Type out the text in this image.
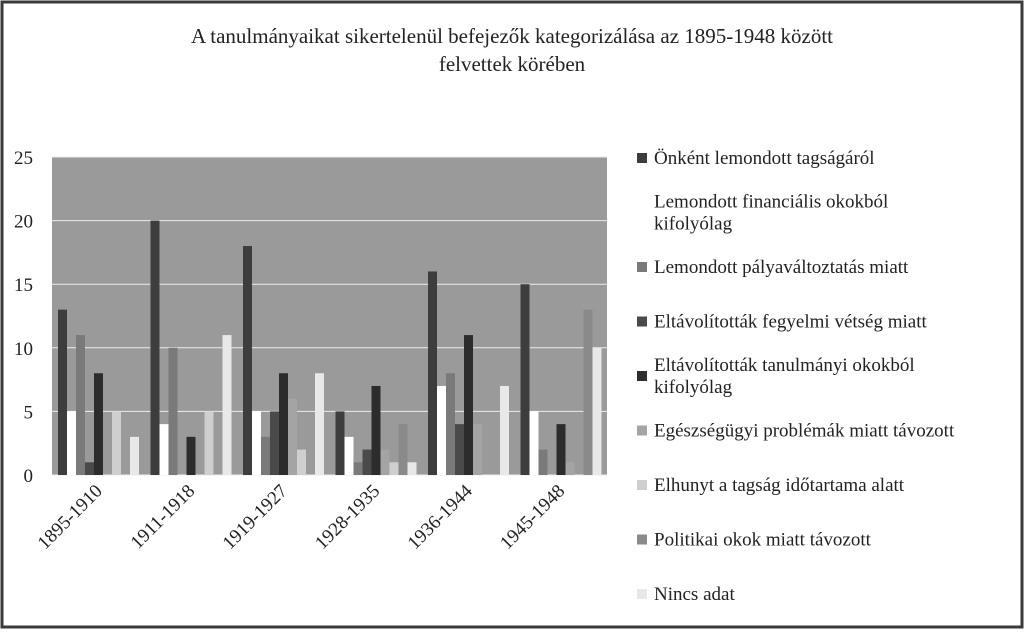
A tanulmányaikat sikertelenül befejezők kategorizálása az 1895-1948 között
felvettek körében
0
5
10
15
20
25
1895-1910 1911-1918 1919-1927 1928-1935 1936-1944 1945-1948
Önként lemondott tagságáról
Lemondott financiális okokból
kifolyólag
Lemondott pályaváltoztatás miatt
Eltávolították fegyelmi vétség miatt
Eltávolították tanulmányi okokból
kifolyólag
Egészségügyi problémák miatt távozott
Elhunyt a tagság időtartama alatt
Politikai okok miatt távozott
Nincs adat
